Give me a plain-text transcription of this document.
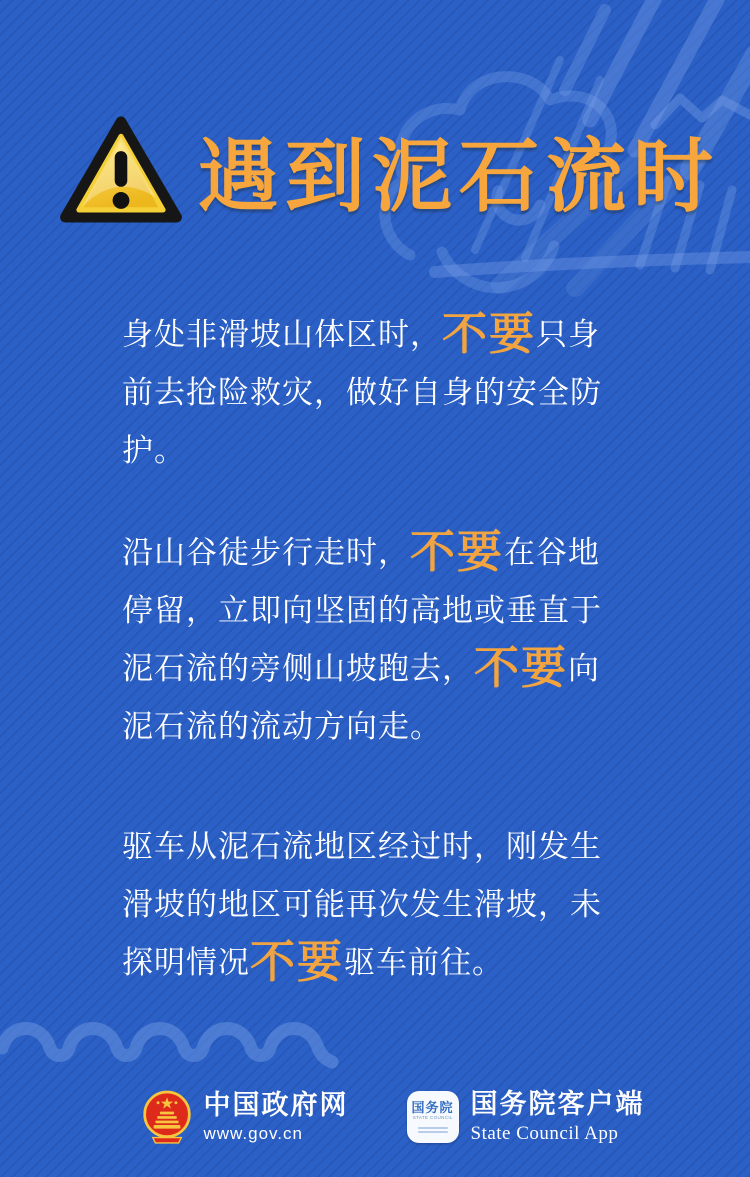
遇到泥石流时
身处非滑坡山体区时，不要只身
前去抢险救灾，做好自身的安全防
护。
沿山谷徒步行走时，不要在谷地
停留，立即向坚固的高地或垂直于
泥石流的旁侧山坡跑去，不要向
泥石流的流动方向走。
驱车从泥石流地区经过时，刚发生
滑坡的地区可能再次发生滑坡，未
探明情况不要驱车前往。
中国政府网
www.gov.cn
国务院
STATE COUNCIL 国务院客户端
State Council App
